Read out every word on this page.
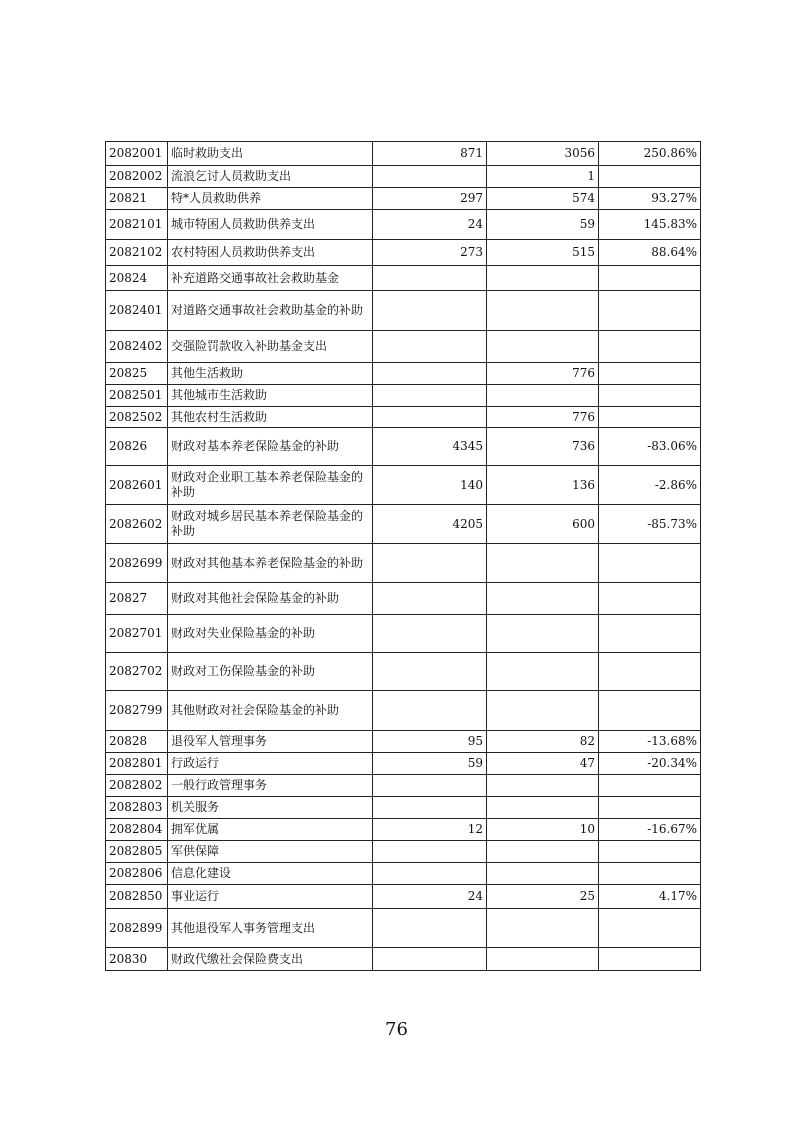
2082001	临时救助支出	871	3056	250.86%
2082002	流浪乞讨人员救助支出		1	
20821	特*人员救助供养	297	574	93.27%
2082101	城市特困人员救助供养支出	24	59	145.83%
2082102	农村特困人员救助供养支出	273	515	88.64%
20824	补充道路交通事故社会救助基金			
2082401	对道路交通事故社会救助基金的补助			
2082402	交强险罚款收入补助基金支出			
20825	其他生活救助		776	
2082501	其他城市生活救助			
2082502	其他农村生活救助		776	
20826	财政对基本养老保险基金的补助	4345	736	-83.06%
2082601	财政对企业职工基本养老保险基金的补助	140	136	-2.86%
2082602	财政对城乡居民基本养老保险基金的补助	4205	600	-85.73%
2082699	财政对其他基本养老保险基金的补助			
20827	财政对其他社会保险基金的补助			
2082701	财政对失业保险基金的补助			
2082702	财政对工伤保险基金的补助			
2082799	其他财政对社会保险基金的补助			
20828	退役军人管理事务	95	82	-13.68%
2082801	行政运行	59	47	-20.34%
2082802	一般行政管理事务			
2082803	机关服务			
2082804	拥军优属	12	10	-16.67%
2082805	军供保障			
2082806	信息化建设			
2082850	事业运行	24	25	4.17%
2082899	其他退役军人事务管理支出			
20830	财政代缴社会保险费支出			
76
